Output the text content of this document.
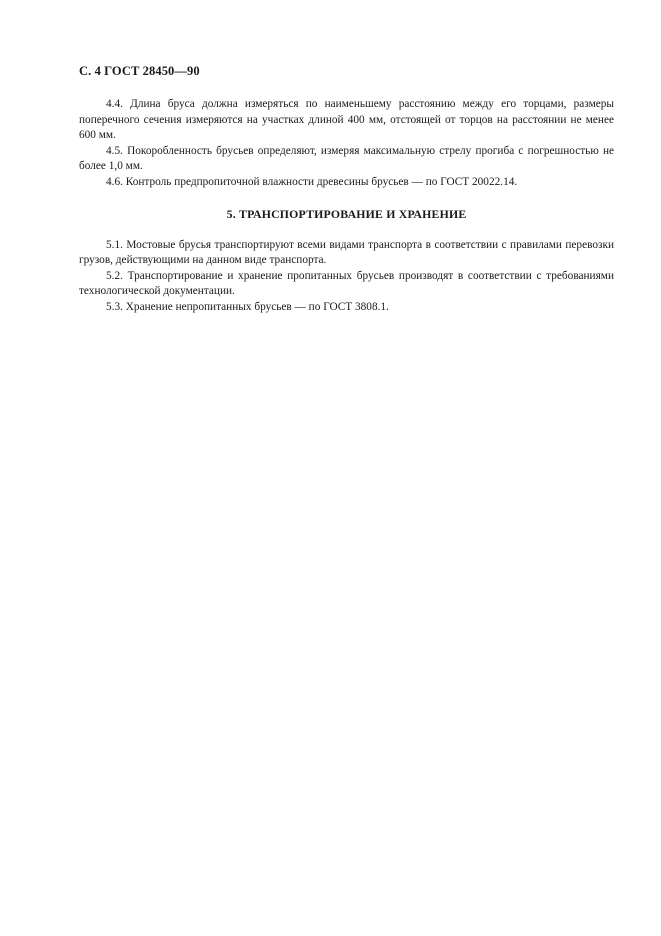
С. 4 ГОСТ 28450—90

4.4. Длина бруса должна измеряться по наименьшему расстоянию между его торцами, размеры поперечного сечения измеряются на участках длиной 400 мм, отстоящей от торцов на расстоянии не менее 600 мм.

4.5. Покоробленность брусьев определяют, измеряя максимальную стрелу прогиба с погрешностью не более 1,0 мм.

4.6. Контроль предпропиточной влажности древесины брусьев — по ГОСТ 20022.14.

5. ТРАНСПОРТИРОВАНИЕ И ХРАНЕНИЕ

5.1. Мостовые брусья транспортируют всеми видами транспорта в соответствии с правилами перевозки грузов, действующими на данном виде транспорта.

5.2. Транспортирование и хранение пропитанных брусьев производят в соответствии с требованиями технологической документации.

5.3. Хранение непропитанных брусьев — по ГОСТ 3808.1.
